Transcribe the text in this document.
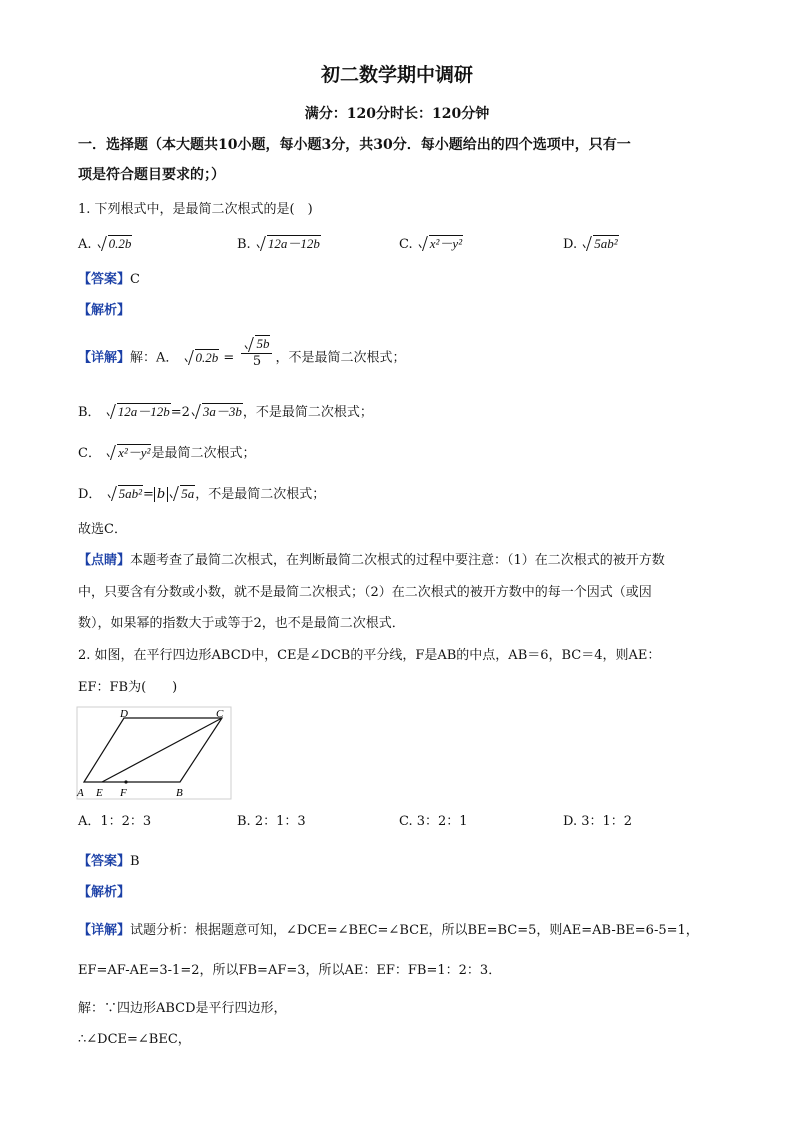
初二数学期中调研
满分：120分时长：120分钟
一．选择题（本大题共10小题，每小题3分，共30分．每小题给出的四个选项中，只有一
项是符合题目要求的；）
1. 下列根式中，是最简二次根式的是(　)
A. 0.2b	B. 12a－12b	C. x²－y²	D. 5ab²
【答案】C
【解析】
【详解】解：A． $0.2b = \frac{5b}{5}$ ，不是最简二次根式；
B． 12a－12b=2 3a－3b，不是最简二次根式；
C． x²－y²是最简二次根式；
D． 5ab²= b 5a，不是最简二次根式；
故选C．
【点睛】本题考查了最简二次根式，在判断最简二次根式的过程中要注意：（1）在二次根式的被开方数
中，只要含有分数或小数，就不是最简二次根式；（2）在二次根式的被开方数中的每一个因式（或因
数），如果幂的指数大于或等于2，也不是最简二次根式．
2. 如图，在平行四边形ABCD中，CE是∠DCB的平分线，F是AB的中点，AB＝6，BC＝4，则AE：
EF：FB为(　　)
D	C
A E F	B
A．1：2：3	B. 2：1：3	C. 3：2：1	D. 3：1：2
【答案】B
【解析】
【详解】试题分析：根据题意可知，∠DCE=∠BEC=∠BCE，所以BE=BC=5，则AE=AB-BE=6-5=1，
EF=AF-AE=3-1=2，所以FB=AF=3，所以AE：EF：FB=1：2：3．
解：∵四边形ABCD是平行四边形，
∴∠DCE=∠BEC，
